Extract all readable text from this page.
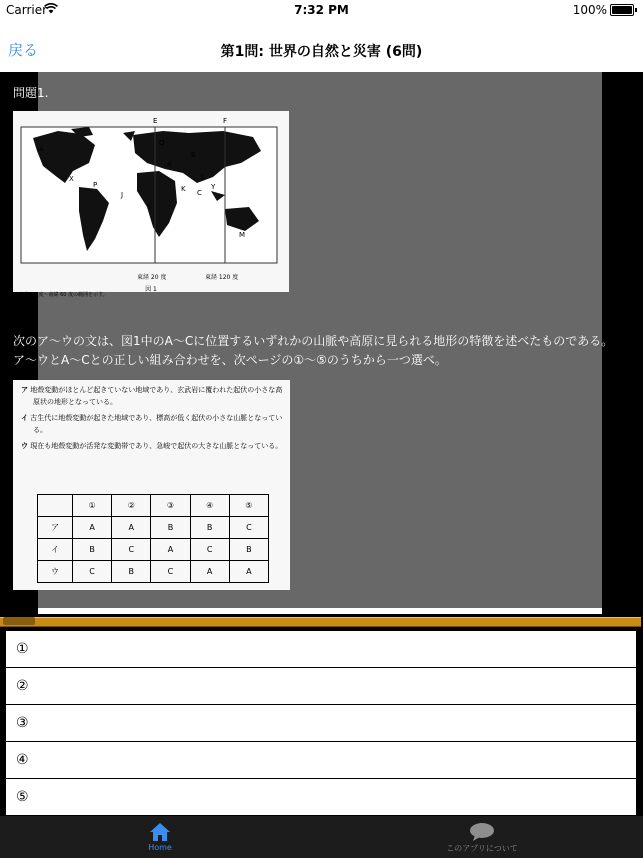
Carrier	7:32 PM	100%
戻る	第1問: 世界の自然と災害 (6問)
問題1.
E	F
A
B
C
J
K
L
M
P
Q
R
S
X
Y
東経 20 度	東経 120 度
北緯 80 度〜南緯 60 度の範囲を示す。
図 1
次のア〜ウの文は、図1中のA〜Cに位置するいずれかの山脈や高原に見られる地形の特徴を述べたものである。ア〜ウとA〜Cとの正しい組み合わせを、次ページの①〜⑤のうちから一つ選べ。
ア 地殻変動がほとんど起きていない地域であり、玄武岩に覆われた起伏の小さな高原状の地形となっている。
イ 古生代に地殻変動が起きた地域であり、標高が低く起伏の小さな山脈となっている。
ウ 現在も地殻変動が活発な変動帯であり、急峻で起伏の大きな山脈となっている。
	①	②	③	④	⑤
ア	A	A	B	B	C
イ	B	C	A	C	B
ウ	C	B	C	A	A
①
②
③
④
⑤
Home	このアプリについて
